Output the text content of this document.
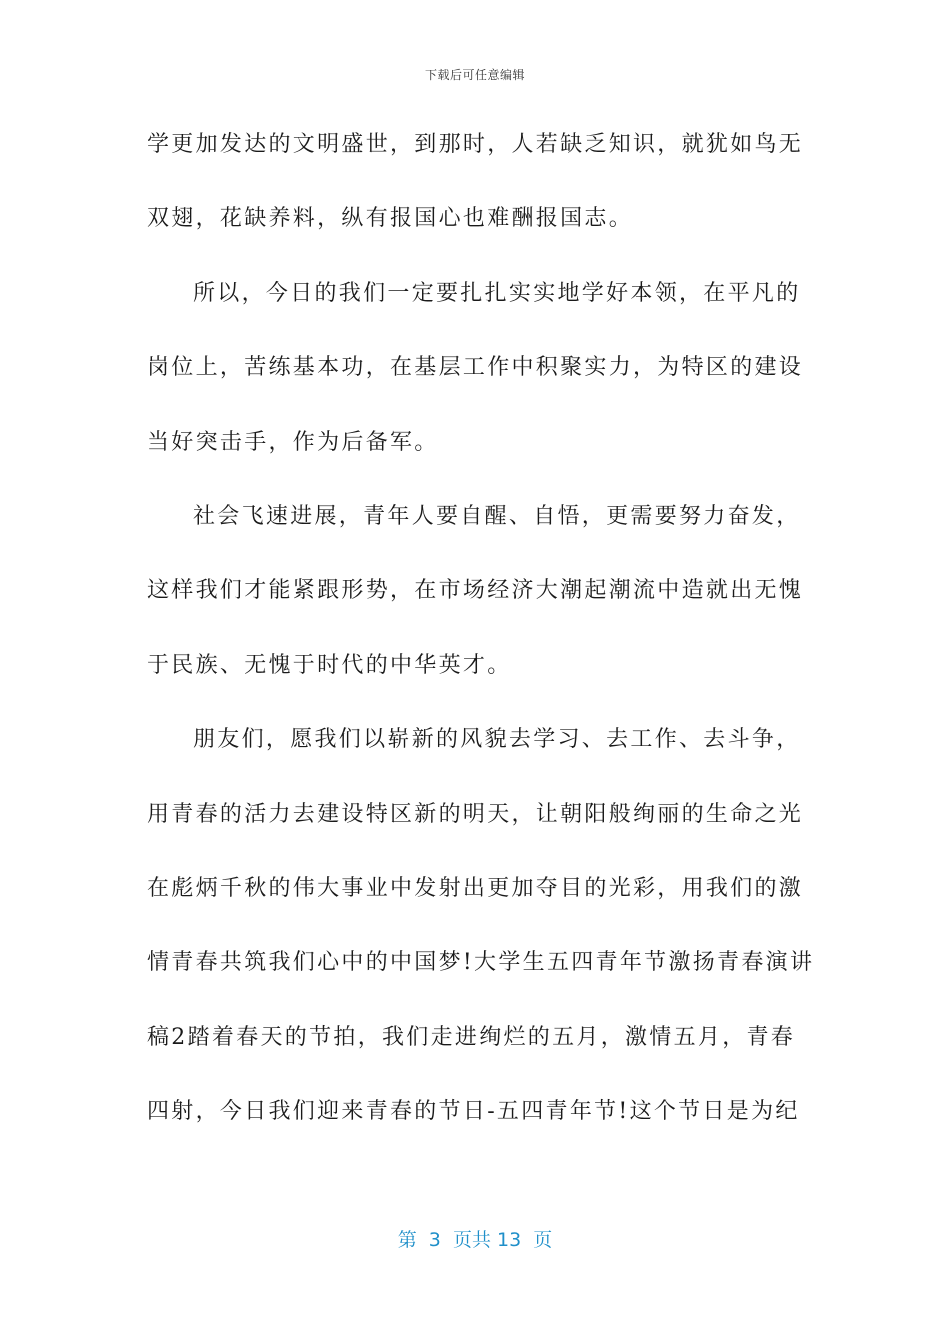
下载后可任意编辑
学更加发达的文明盛世，到那时，人若缺乏知识，就犹如鸟无
双翅，花缺养料，纵有报国心也难酬报国志。
所以，今日的我们一定要扎扎实实地学好本领，在平凡的
岗位上，苦练基本功，在基层工作中积聚实力，为特区的建设
当好突击手，作为后备军。
社会飞速进展，青年人要自醒、自悟，更需要努力奋发，
这样我们才能紧跟形势，在市场经济大潮起潮流中造就出无愧
于民族、无愧于时代的中华英才。
朋友们，愿我们以崭新的风貌去学习、去工作、去斗争，
用青春的活力去建设特区新的明天，让朝阳般绚丽的生命之光
在彪炳千秋的伟大事业中发射出更加夺目的光彩，用我们的激
情青春共筑我们心中的中国梦!大学生五四青年节激扬青春演讲
稿2踏着春天的节拍，我们走进绚烂的五月，激情五月，青春
四射，今日我们迎来青春的节日-五四青年节!这个节日是为纪
第  3  页共 13  页
